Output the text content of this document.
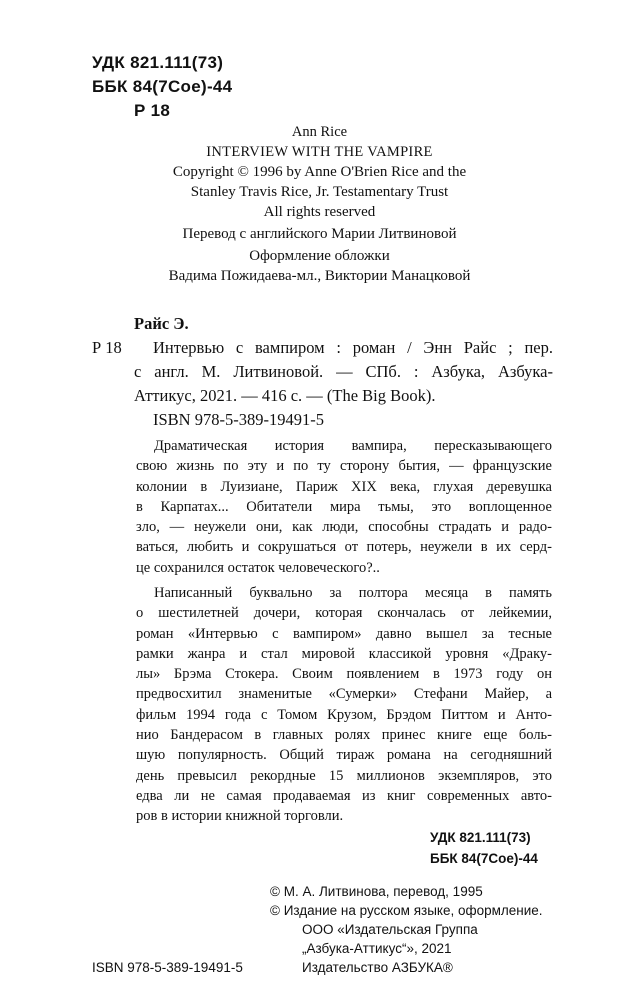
УДК 821.111(73)
ББК 84(7Сое)-44
Р 18
Ann Rice
INTERVIEW WITH THE VAMPIRE
Copyright © 1996 by Anne O'Brien Rice and the
Stanley Travis Rice, Jr. Testamentary Trust
All rights reserved
Перевод с английского Марии Литвиновой
Оформление обложки
Вадима Пожидаева-мл., Виктории Манацковой
Райс Э.
Р 18 Интервью с вампиром : роман / Энн Райс ; пер.
с англ. М. Литвиновой. — СПб. : Азбука, Азбука-
Аттикус, 2021. — 416 с. — (The Big Book).
ISBN 978-5-389-19491-5
Драматическая история вампира, пересказывающего
свою жизнь по эту и по ту сторону бытия, — французские
колонии в Луизиане, Париж XIX века, глухая деревушка
в Карпатах... Обитатели мира тьмы, это воплощенное
зло, — неужели они, как люди, способны страдать и радо-
ваться, любить и сокрушаться от потерь, неужели в их серд-
це сохранился остаток человеческого?..
Написанный буквально за полтора месяца в память
о шестилетней дочери, которая скончалась от лейкемии,
роман «Интервью с вампиром» давно вышел за тесные
рамки жанра и стал мировой классикой уровня «Драку-
лы» Брэма Стокера. Своим появлением в 1973 году он
предвосхитил знаменитые «Сумерки» Стефани Майер, а
фильм 1994 года с Томом Крузом, Брэдом Питтом и Анто-
нио Бандерасом в главных ролях принес книге еще боль-
шую популярность. Общий тираж романа на сегодняшний
день превысил рекордные 15 миллионов экземпляров, это
едва ли не самая продаваемая из книг современных авто-
ров в истории книжной торговли.
УДК 821.111(73)
ББК 84(7Сое)-44
© М. А. Литвинова, перевод, 1995
© Издание на русском языке, оформление.
ООО «Издательская Группа
„Азбука-Аттикус“», 2021
Издательство АЗБУКА®
ISBN 978-5-389-19491-5
